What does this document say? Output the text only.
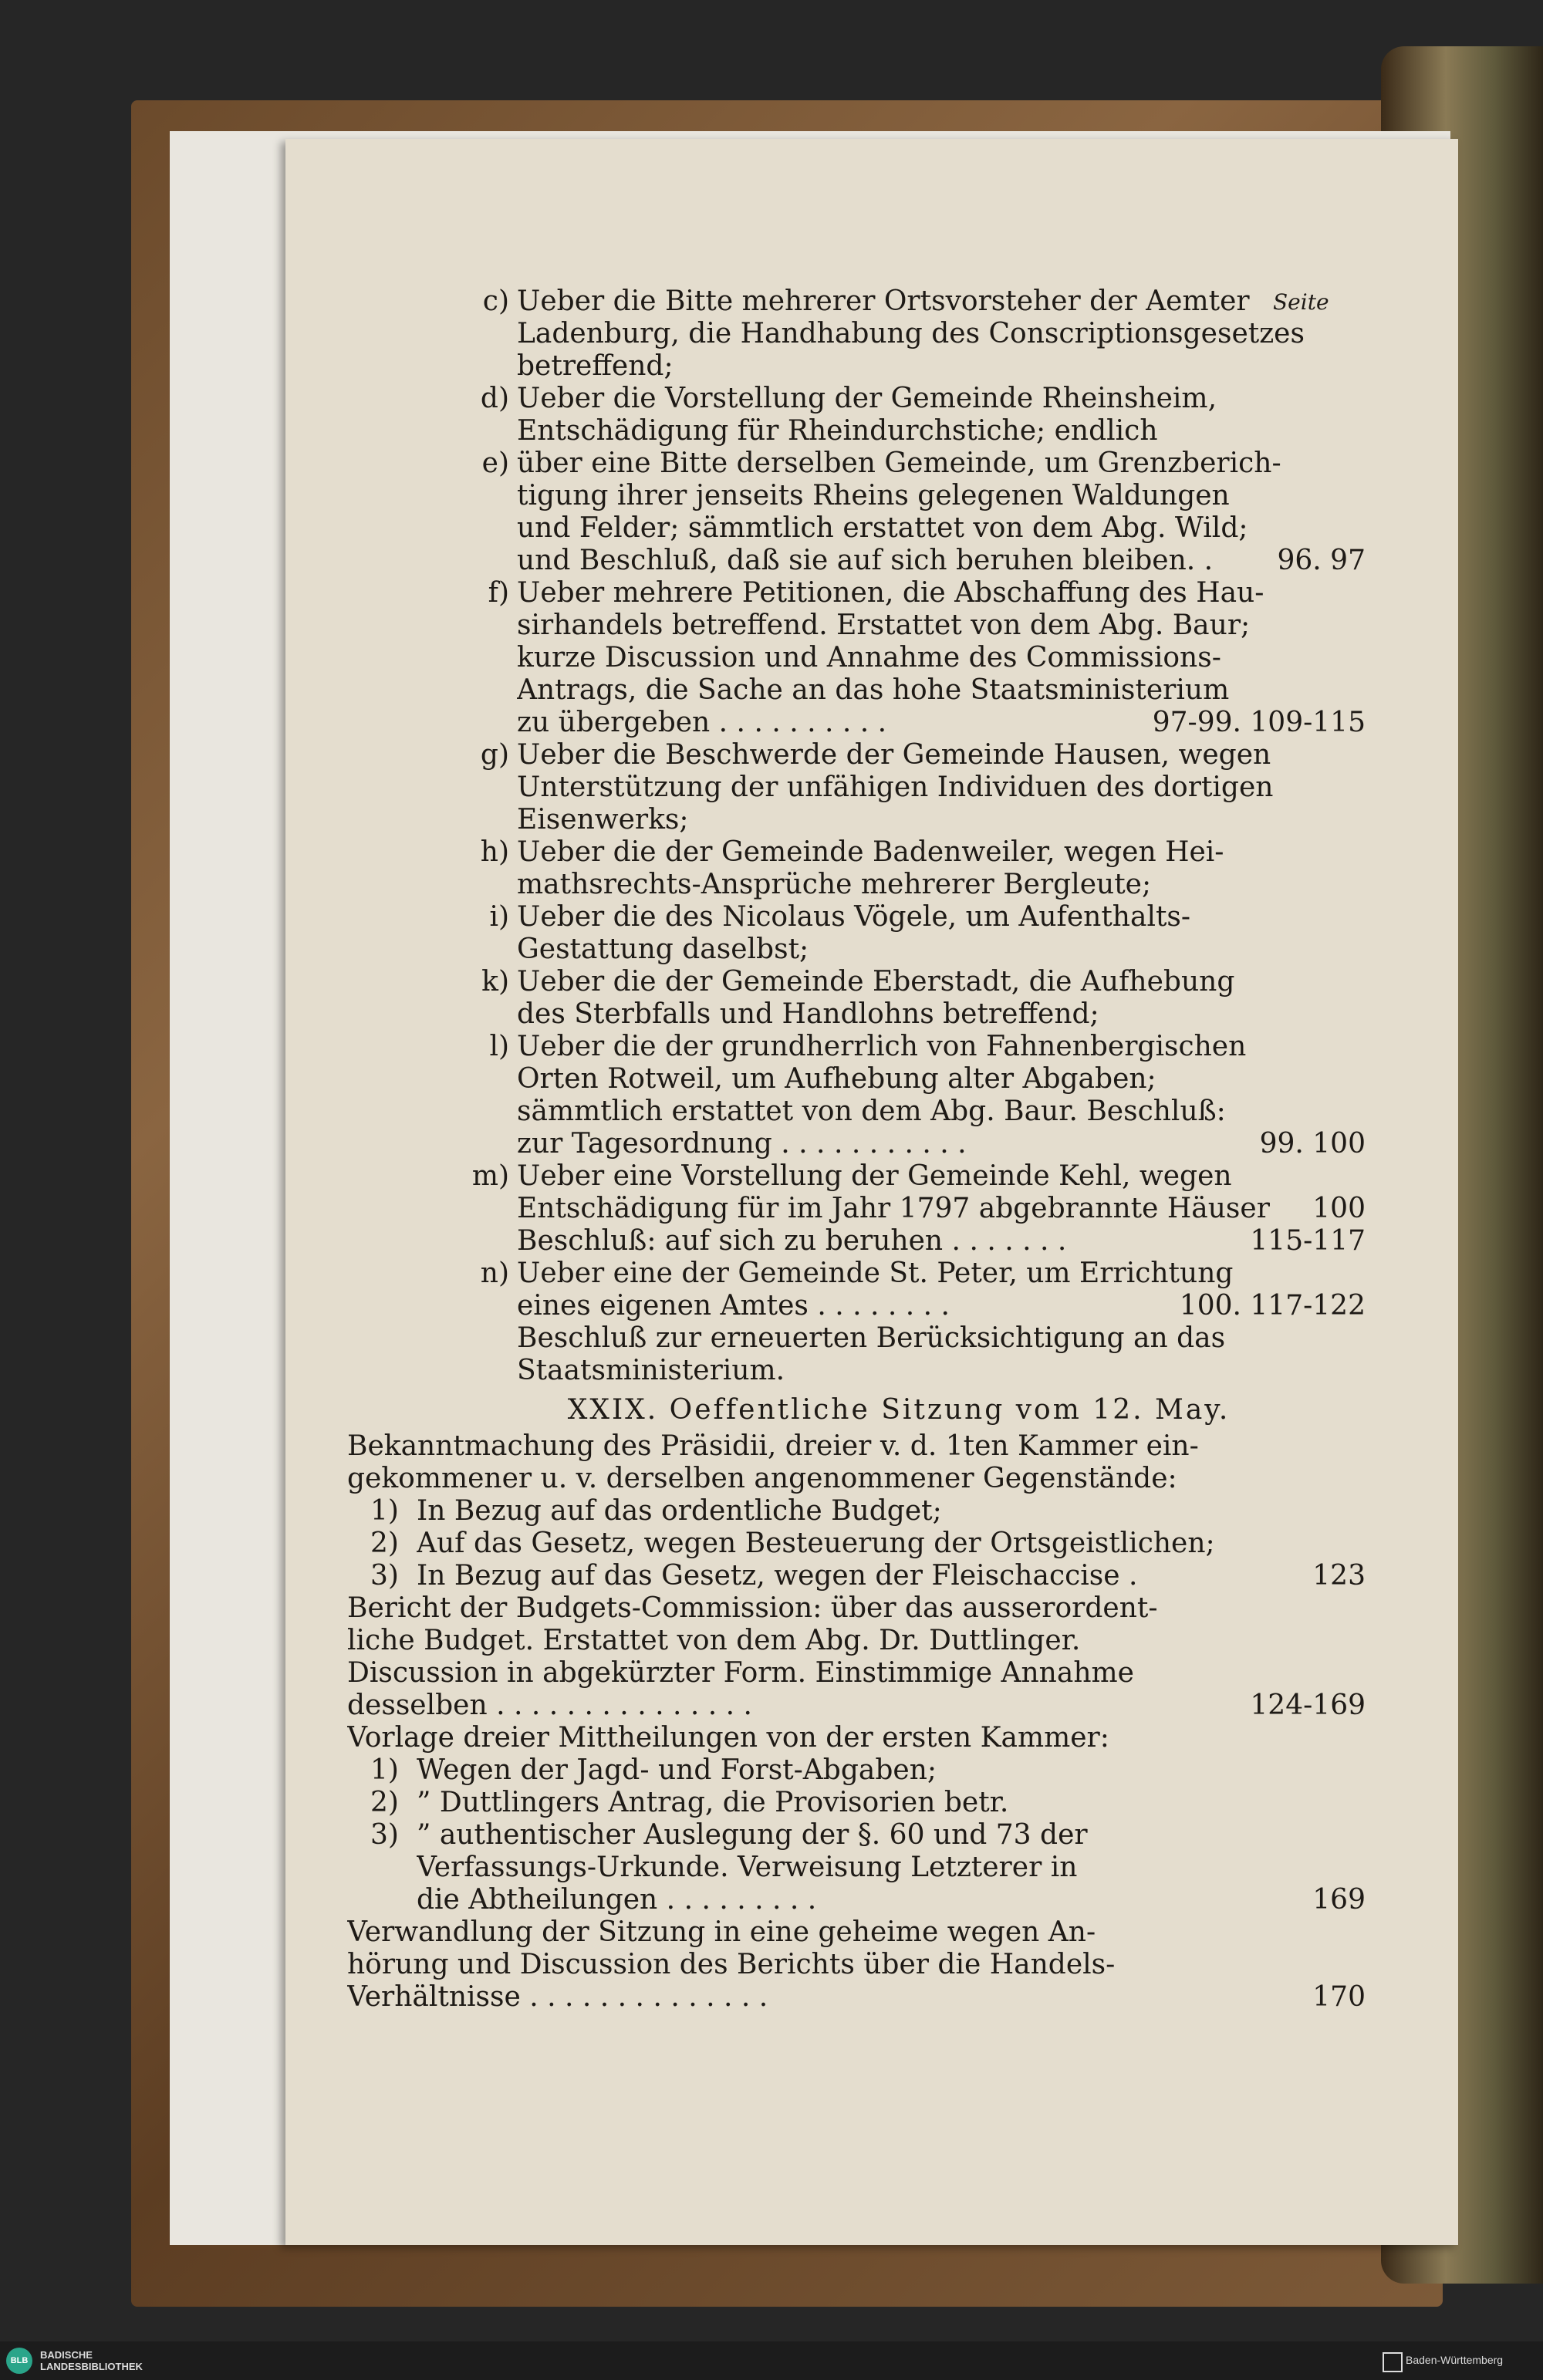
Seite
c) Ueber die Bitte mehrerer Ortsvorsteher der Aemter
Ladenburg, die Handhabung des Conscriptionsgesetzes
betreffend;
d) Ueber die Vorstellung der Gemeinde Rheinsheim,
Entschädigung für Rheindurchstiche; endlich
e) über eine Bitte derselben Gemeinde, um Grenzberich-
tigung ihrer jenseits Rheins gelegenen Waldungen
und Felder; sämmtlich erstattet von dem Abg. Wild;
und Beschluß, daß sie auf sich beruhen bleiben. .	96. 97
f) Ueber mehrere Petitionen, die Abschaffung des Hau-
sirhandels betreffend. Erstattet von dem Abg. Baur;
kurze Discussion und Annahme des Commissions-
Antrags, die Sache an das hohe Staatsministerium
zu übergeben . . . . . . . . . .	97-99. 109-115
g) Ueber die Beschwerde der Gemeinde Hausen, wegen
Unterstützung der unfähigen Individuen des dortigen
Eisenwerks;
h) Ueber die der Gemeinde Badenweiler, wegen Hei-
mathsrechts-Ansprüche mehrerer Bergleute;
i) Ueber die des Nicolaus Vögele, um Aufenthalts-
Gestattung daselbst;
k) Ueber die der Gemeinde Eberstadt, die Aufhebung
des Sterbfalls und Handlohns betreffend;
l) Ueber die der grundherrlich von Fahnenbergischen
Orten Rotweil, um Aufhebung alter Abgaben;
sämmtlich erstattet von dem Abg. Baur. Beschluß:
zur Tagesordnung . . . . . . . . . . .	99. 100
m) Ueber eine Vorstellung der Gemeinde Kehl, wegen
Entschädigung für im Jahr 1797 abgebrannte Häuser	100
Beschluß: auf sich zu beruhen . . . . . . .	115-117
n) Ueber eine der Gemeinde St. Peter, um Errichtung
eines eigenen Amtes . . . . . . . .	100. 117-122
Beschluß zur erneuerten Berücksichtigung an das
Staatsministerium.
XXIX. Oeffentliche Sitzung vom 12. May.
Bekanntmachung des Präsidii, dreier v. d. 1ten Kammer ein-
gekommener u. v. derselben angenommener Gegenstände:
1) In Bezug auf das ordentliche Budget;
2) Auf das Gesetz, wegen Besteuerung der Ortsgeistlichen;
3) In Bezug auf das Gesetz, wegen der Fleischaccise .	123
Bericht der Budgets-Commission: über das ausserordent-
liche Budget. Erstattet von dem Abg. Dr. Duttlinger.
Discussion in abgekürzter Form. Einstimmige Annahme
desselben . . . . . . . . . . . . . . .	124-169
Vorlage dreier Mittheilungen von der ersten Kammer:
1) Wegen der Jagd- und Forst-Abgaben;
2) ” Duttlingers Antrag, die Provisorien betr.
3) ” authentischer Auslegung der §. 60 und 73 der
Verfassungs-Urkunde. Verweisung Letzterer in
die Abtheilungen . . . . . . . . .	169
Verwandlung der Sitzung in eine geheime wegen An-
hörung und Discussion des Berichts über die Handels-
Verhältnisse . . . . . . . . . . . . . .	170
BLB	BADISCHE
LANDESBIBLIOTHEK
Baden-Württemberg
